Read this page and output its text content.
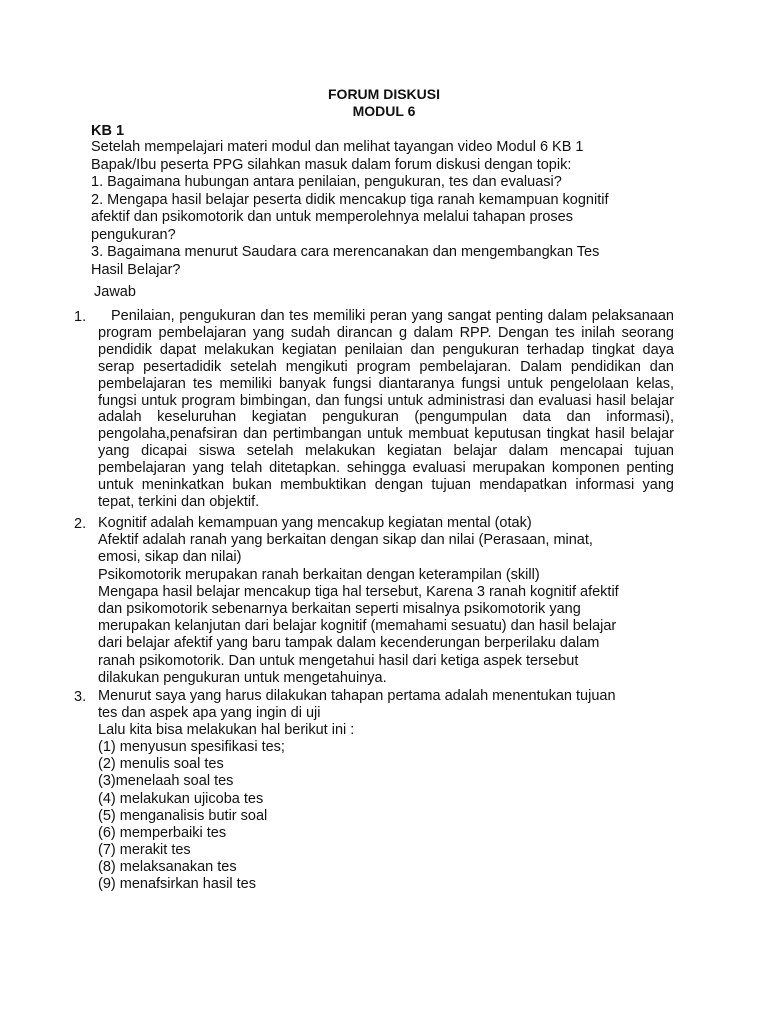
FORUM DISKUSI
MODUL 6
KB 1
Setelah mempelajari materi modul dan melihat tayangan video Modul 6 KB 1
Bapak/Ibu peserta PPG silahkan masuk dalam forum diskusi dengan topik:
1. Bagaimana hubungan antara penilaian, pengukuran, tes dan evaluasi?
2. Mengapa hasil belajar peserta didik mencakup tiga ranah kemampuan kognitif
afektif dan psikomotorik dan untuk memperolehnya melalui tahapan proses
pengukuran?
3. Bagaimana menurut Saudara cara merencanakan dan mengembangkan Tes
Hasil Belajar?
Jawab
1.	Penilaian, pengukuran dan tes memiliki peran yang sangat penting dalam pelaksanaan program pembelajaran yang sudah dirancan g dalam RPP. Dengan tes inilah seorang pendidik dapat melakukan kegiatan penilaian dan pengukuran terhadap tingkat daya serap pesertadidik setelah mengikuti program pembelajaran. Dalam pendidikan dan pembelajaran tes memiliki banyak fungsi diantaranya fungsi untuk pengelolaan kelas, fungsi untuk program bimbingan, dan fungsi untuk administrasi dan evaluasi hasil belajar adalah keseluruhan kegiatan pengukuran (pengumpulan data dan informasi), pengolaha,penafsiran dan pertimbangan untuk membuat keputusan tingkat hasil belajar yang dicapai siswa setelah melakukan kegiatan belajar dalam mencapai tujuan pembelajaran yang telah ditetapkan. sehingga evaluasi merupakan komponen penting untuk meninkatkan bukan membuktikan dengan tujuan mendapatkan informasi yang tepat, terkini dan objektif.

2. Kognitif adalah kemampuan yang mencakup kegiatan mental (otak)
Afektif adalah ranah yang berkaitan dengan sikap dan nilai (Perasaan, minat,
emosi, sikap dan nilai)
Psikomotorik merupakan ranah berkaitan dengan keterampilan (skill)
Mengapa hasil belajar mencakup tiga hal tersebut, Karena 3 ranah kognitif afektif
dan psikomotorik sebenarnya berkaitan seperti misalnya psikomotorik yang
merupakan kelanjutan dari belajar kognitif (memahami sesuatu) dan hasil belajar
dari belajar afektif yang baru tampak dalam kecenderungan berperilaku dalam
ranah psikomotorik. Dan untuk mengetahui hasil dari ketiga aspek tersebut
dilakukan pengukuran untuk mengetahuinya.
3. Menurut saya yang harus dilakukan tahapan pertama adalah menentukan tujuan
tes dan aspek apa yang ingin di uji
Lalu kita bisa melakukan hal berikut ini :
(1) menyusun spesifikasi tes;
(2) menulis soal tes
(3)menelaah soal tes
(4) melakukan ujicoba tes
(5) menganalisis butir soal
(6) memperbaiki tes
(7) merakit tes
(8) melaksanakan tes
(9) menafsirkan hasil tes
